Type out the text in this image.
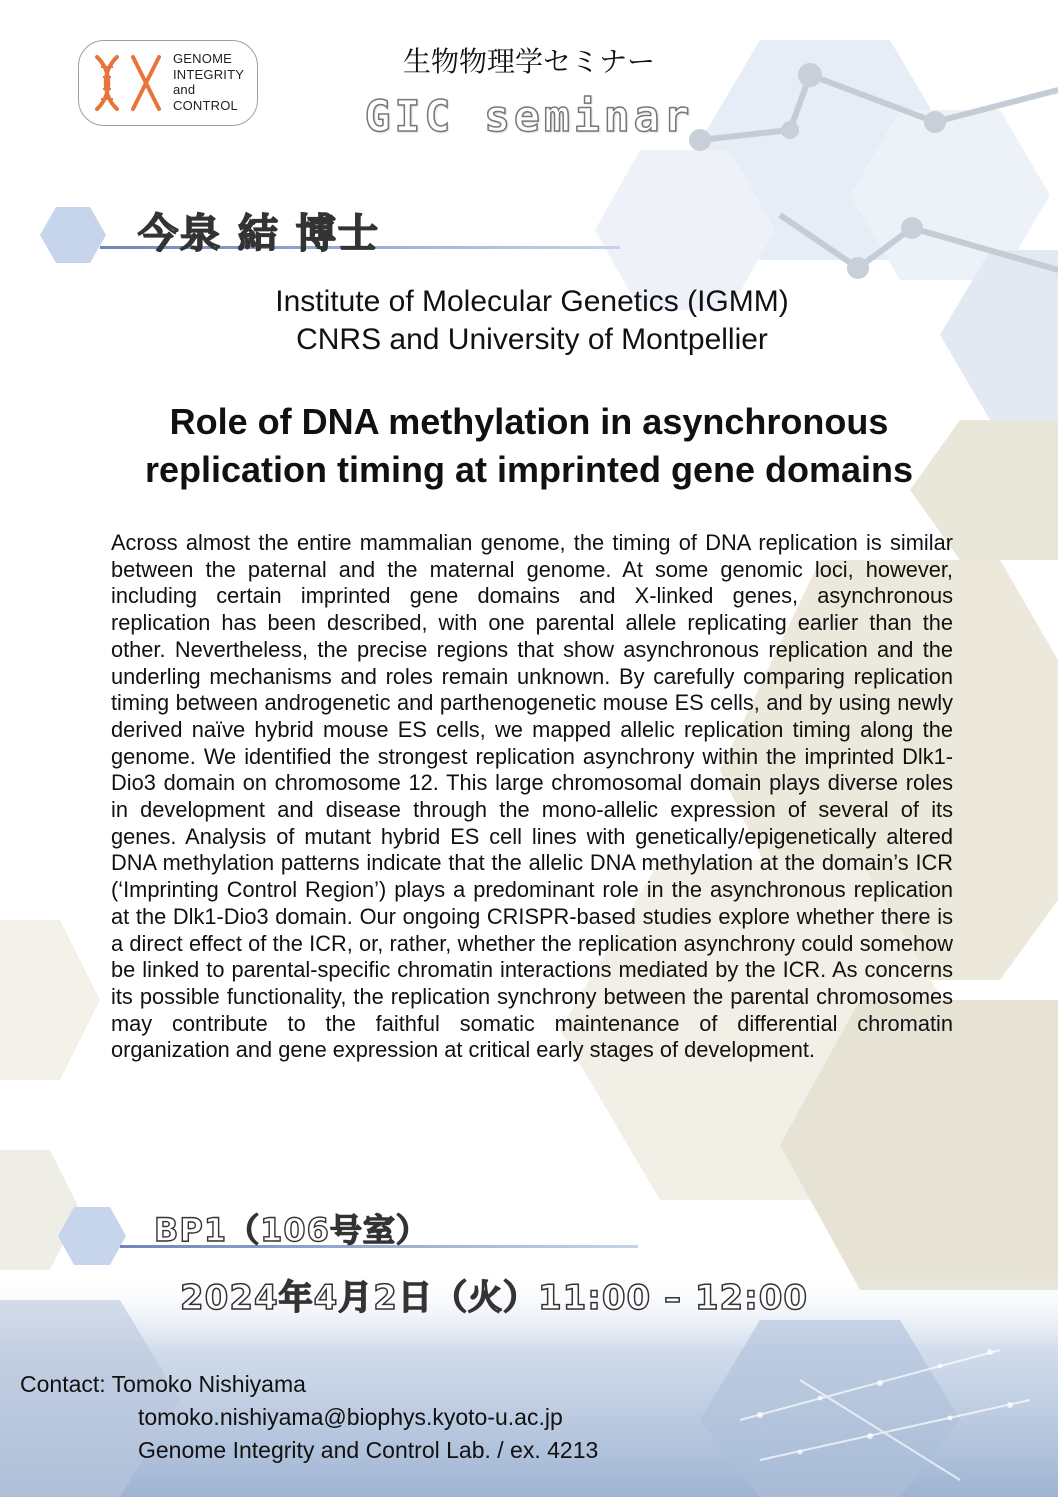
GENOME
INTEGRITY
and
CONTROL
生物物理学セミナー
GIC seminar
今泉 結 博士
Institute of Molecular Genetics (IGMM)
CNRS and University of Montpellier
Role of DNA methylation in asynchronous
replication timing at imprinted gene domains
Across almost the entire mammalian genome, the timing of DNA replication is similar between the paternal and the maternal genome. At some genomic loci, however, including certain imprinted gene domains and X-linked genes, asynchronous replication has been described, with one parental allele replicating earlier than the other. Nevertheless, the precise regions that show asynchronous replication and the underling mechanisms and roles remain unknown. By carefully comparing replication timing between androgenetic and parthenogenetic mouse ES cells, and by using newly derived naïve hybrid mouse ES cells, we mapped allelic replication timing along the genome. We identified the strongest replication asynchrony within the imprinted Dlk1-Dio3 domain on chromosome 12. This large chromosomal domain plays diverse roles in development and disease through the mono-allelic expression of several of its genes. Analysis of mutant hybrid ES cell lines with genetically/epigenetically altered DNA methylation patterns indicate that the allelic DNA methylation at the domain’s ICR (‘Imprinting Control Region’) plays a predominant role in the asynchronous replication at the Dlk1-Dio3 domain. Our ongoing CRISPR-based studies explore whether there is a direct effect of the ICR, or, rather, whether the replication asynchrony could somehow be linked to parental-specific chromatin interactions mediated by the ICR. As concerns its possible functionality, the replication synchrony between the parental chromosomes may contribute to the faithful somatic maintenance of differential chromatin organization and gene expression at critical early stages of development.
BP1（106号室）
2024年4月2日（火）11:00 – 12:00
Contact: Tomoko Nishiyama
tomoko.nishiyama@biophys.kyoto-u.ac.jp
Genome Integrity and Control Lab. / ex. 4213
